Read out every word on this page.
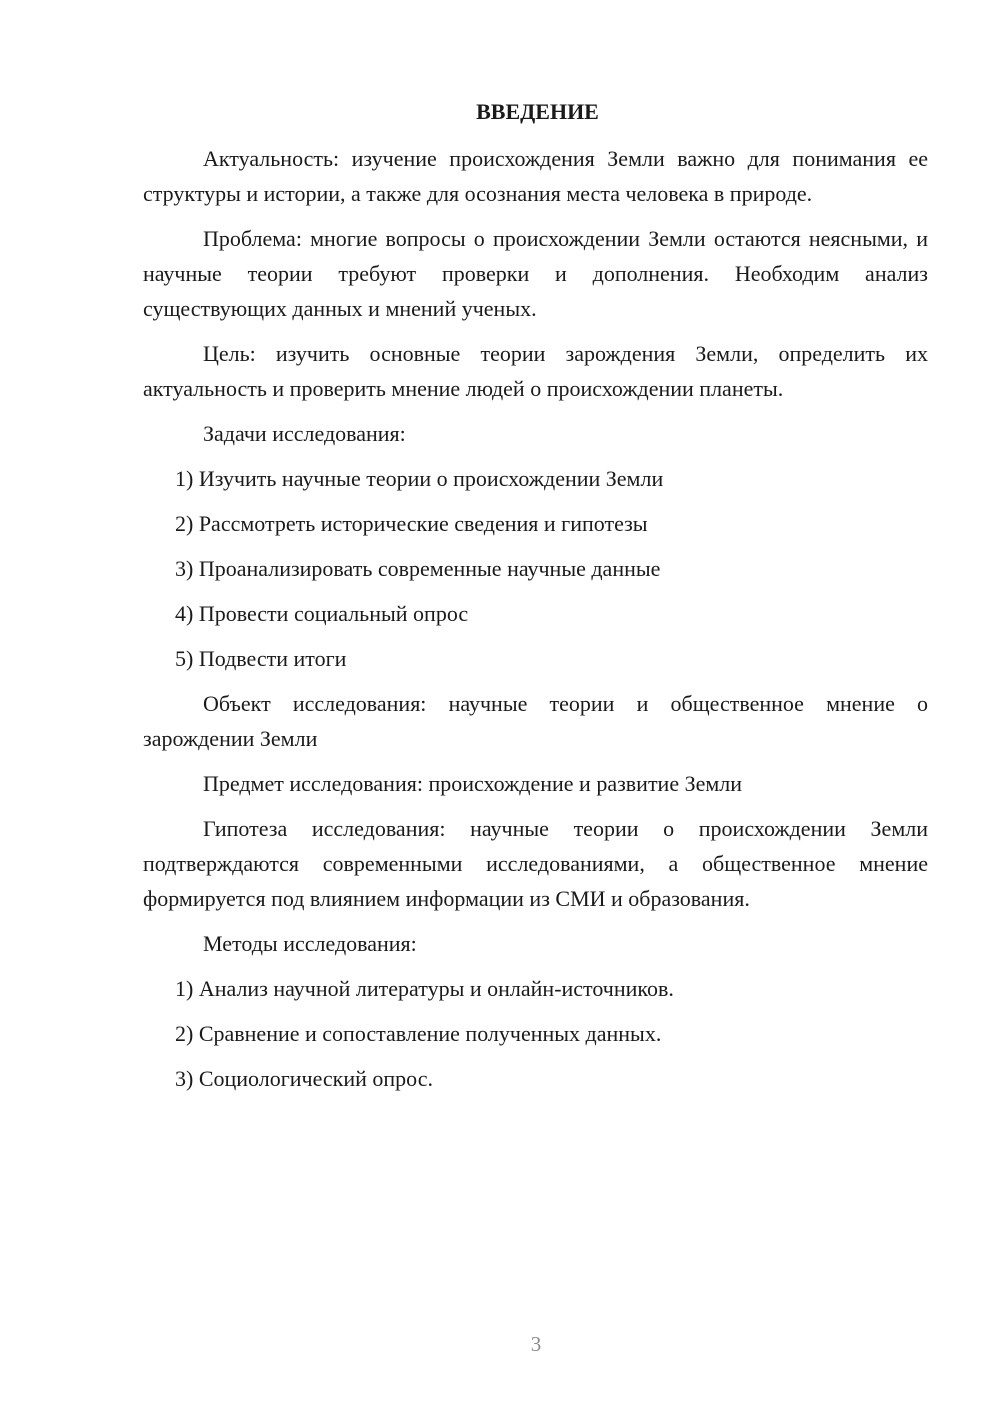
ВВЕДЕНИЕ

Актуальность: изучение происхождения Земли важно для понимания ее структуры и истории, а также для осознания места человека в природе.

Проблема: многие вопросы о происхождении Земли остаются неясными, и научные теории требуют проверки и дополнения. Необходим анализ существующих данных и мнений ученых.

Цель: изучить основные теории зарождения Земли, определить их актуальность и проверить мнение людей о происхождении планеты.

Задачи исследования:

1) Изучить научные теории о происхождении Земли
2) Рассмотреть исторические сведения и гипотезы
3) Проанализировать современные научные данные
4) Провести социальный опрос
5) Подвести итоги

Объект исследования: научные теории и общественное мнение о зарождении Земли

Предмет исследования: происхождение и развитие Земли

Гипотеза исследования: научные теории о происхождении Земли подтверждаются современными исследованиями, а общественное мнение формируется под влиянием информации из СМИ и образования.

Методы исследования:

1) Анализ научной литературы и онлайн-источников.
2) Сравнение и сопоставление полученных данных.
3) Социологический опрос.
3
